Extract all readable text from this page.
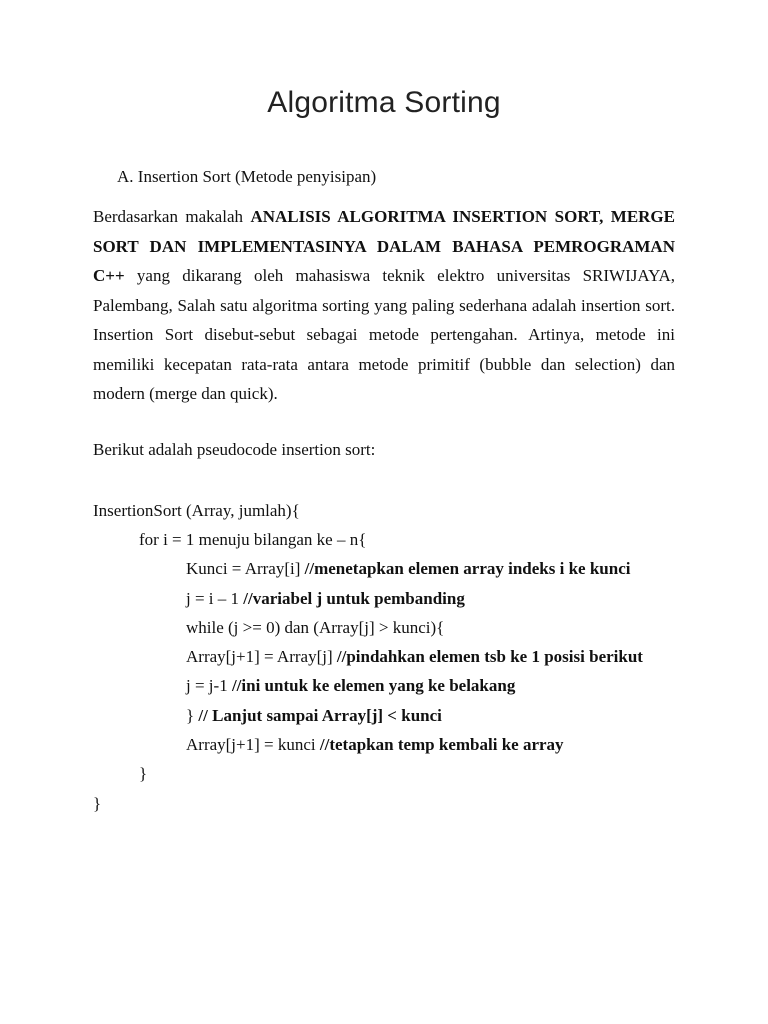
Algoritma Sorting

A. Insertion Sort (Metode penyisipan)

Berdasarkan makalah ANALISIS ALGORITMA INSERTION SORT, MERGE SORT DAN IMPLEMENTASINYA DALAM BAHASA PEMROGRAMAN C++ yang dikarang oleh mahasiswa teknik elektro universitas SRIWIJAYA, Palembang, Salah satu algoritma sorting yang paling sederhana adalah insertion sort. Insertion Sort disebut-sebut sebagai metode pertengahan. Artinya, metode ini memiliki kecepatan rata-rata antara metode primitif (bubble dan selection) dan modern (merge dan quick).

Berikut adalah pseudocode insertion sort:

InsertionSort (Array, jumlah){

for i = 1 menuju bilangan ke – n{

Kunci = Array[i] //menetapkan elemen array indeks i ke kunci

j = i – 1 //variabel j untuk pembanding

while (j >= 0) dan (Array[j] > kunci){

Array[j+1] = Array[j] //pindahkan elemen tsb ke 1 posisi berikut

j = j-1 //ini untuk ke elemen yang ke belakang

} // Lanjut sampai Array[j] < kunci

Array[j+1] = kunci //tetapkan temp kembali ke array

}

}
